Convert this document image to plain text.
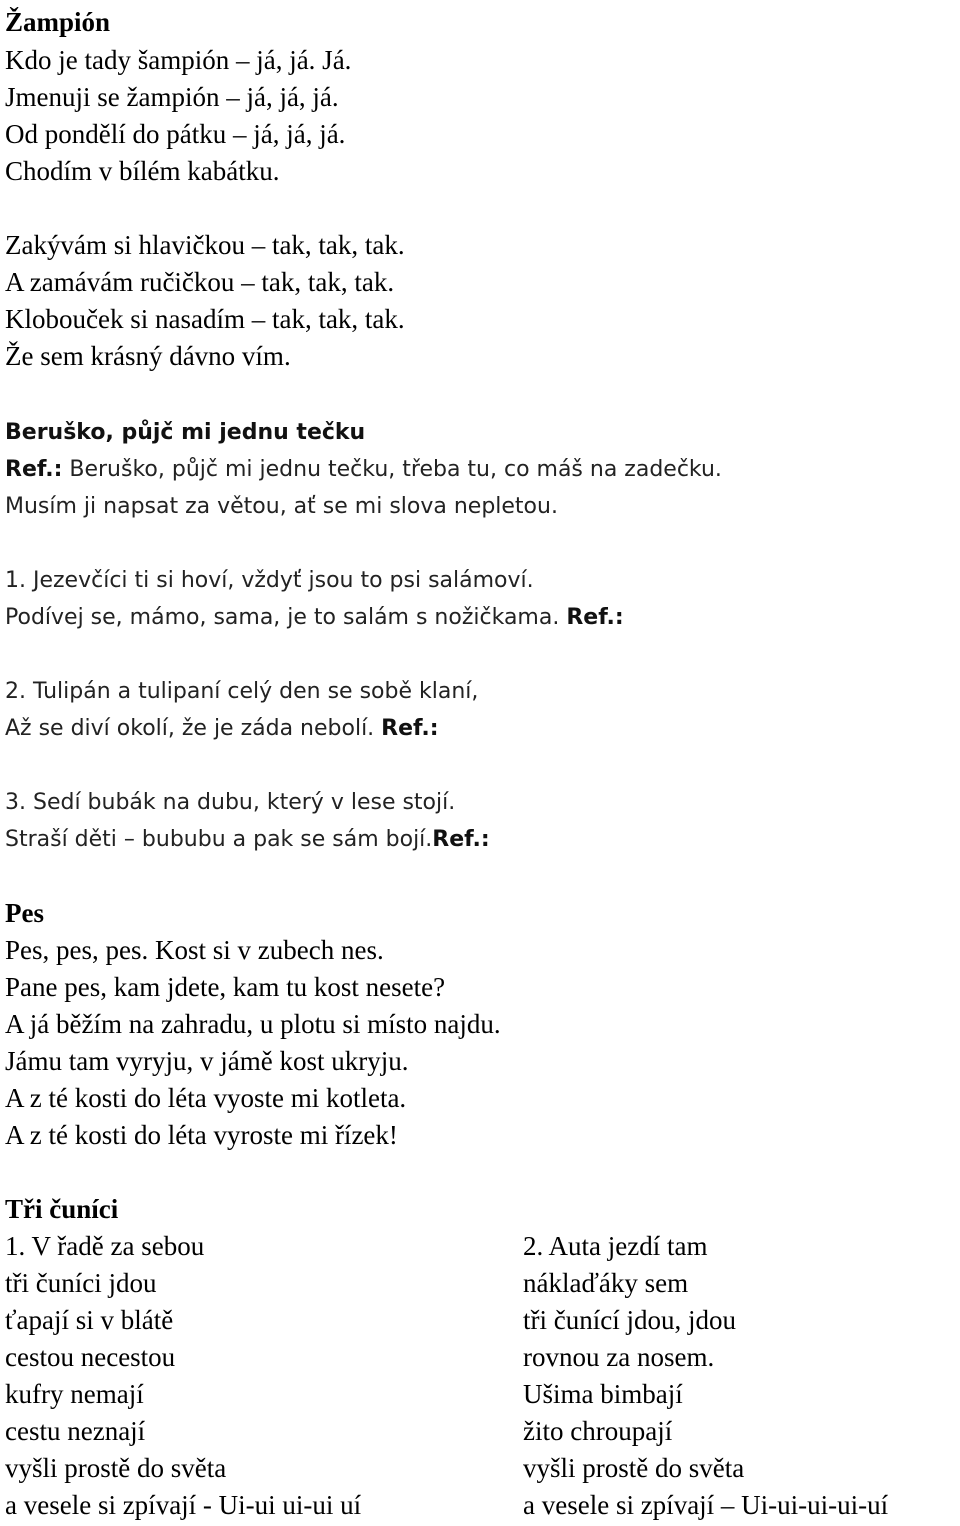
Žampión
Kdo je tady šampión – já, já. Já.
Jmenuji se žampión – já, já, já.
Od pondělí do pátku – já, já, já.
Chodím v bílém kabátku.
Zakývám si hlavičkou – tak, tak, tak.
A zamávám ručičkou – tak, tak, tak.
Klobouček si nasadím – tak, tak, tak.
Že sem krásný dávno vím.
Beruško, půjč mi jednu tečku
Ref.: Beruško, půjč mi jednu tečku, třeba tu, co máš na zadečku.
Musím ji napsat za větou, ať se mi slova nepletou.
1. Jezevčíci ti si hoví, vždyť jsou to psi salámoví.
Podívej se, mámo, sama, je to salám s nožičkama. Ref.:
2. Tulipán a tulipaní celý den se sobě klaní,
Až se diví okolí, že je záda nebolí. Ref.:
3. Sedí bubák na dubu, který v lese stojí.
Straší děti – bububu a pak se sám bojí.Ref.:
Pes
Pes, pes, pes. Kost si v zubech nes.
Pane pes, kam jdete, kam tu kost nesete?
A já běžím na zahradu, u plotu si místo najdu.
Jámu tam vyryju, v jámě kost ukryju.
A z té kosti do léta vyoste mi kotleta.
A z té kosti do léta vyroste mi řízek!
Tři čuníci
1. V řadě za sebou
tři čuníci jdou
ťapají si v blátě
cestou necestou
kufry nemají
cestu neznají
vyšli prostě do světa
a vesele si zpívají - Ui-ui ui-ui uí
2. Auta jezdí tam
náklaďáky sem
tři čunící jdou, jdou
rovnou za nosem.
Ušima bimbají
žito chroupají
vyšli prostě do světa
a vesele si zpívají – Ui-ui-ui-ui-uí
